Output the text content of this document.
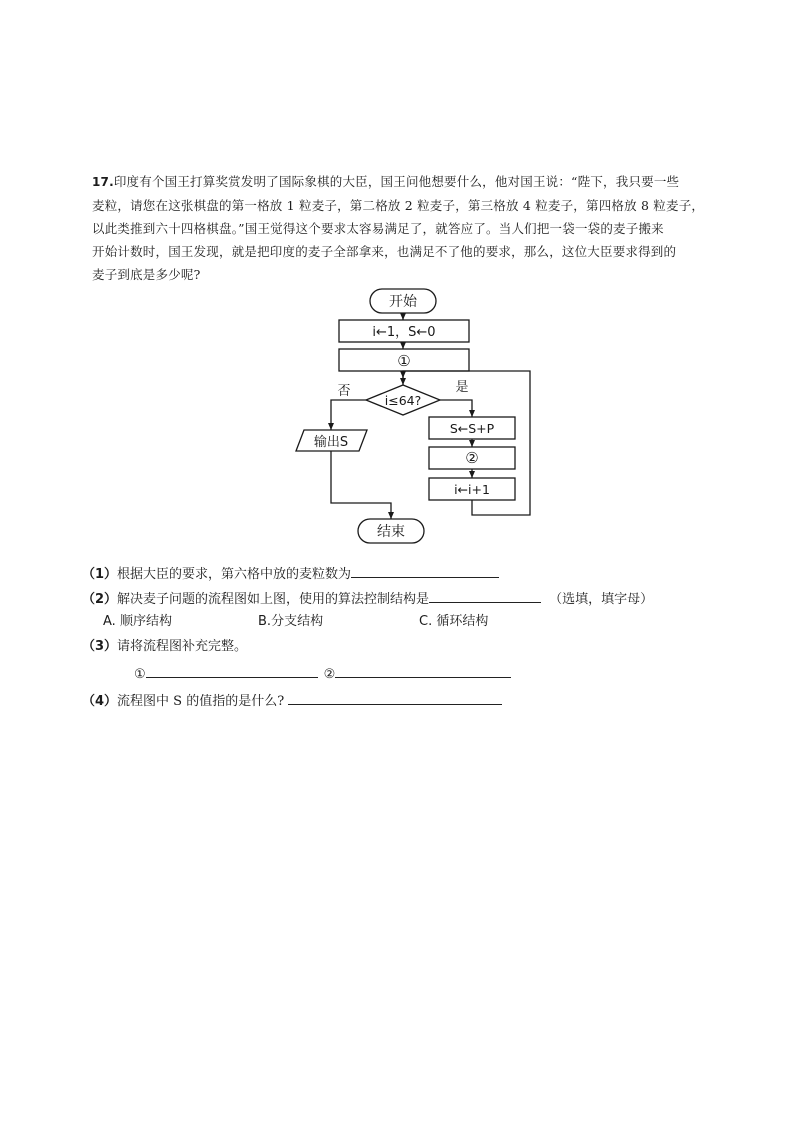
17.印度有个国王打算奖赏发明了国际象棋的大臣，国王问他想要什么，他对国王说：“陛下，我只要一些

麦粒，请您在这张棋盘的第一格放 1 粒麦子，第二格放 2 粒麦子，第三格放 4 粒麦子，第四格放 8 粒麦子，

以此类推到六十四格棋盘。”国王觉得这个要求太容易满足了，就答应了。当人们把一袋一袋的麦子搬来

开始计数时，国王发现，就是把印度的麦子全部拿来，也满足不了他的要求，那么，这位大臣要求得到的

麦子到底是多少呢?

开始
i←1，S←0
①
i≤64?
否	是
输出S
S←S+P
②
i←i+1
结束
（1）根据大臣的要求，第六格中放的麦粒数为
（2）解决麦子问题的流程图如上图，使用的算法控制结构是	（选填，填字母）
A. 顺序结构	B.分支结构	C. 循环结构
（3）请将流程图补充完整。
①	②
（4）流程图中 S 的值指的是什么?
